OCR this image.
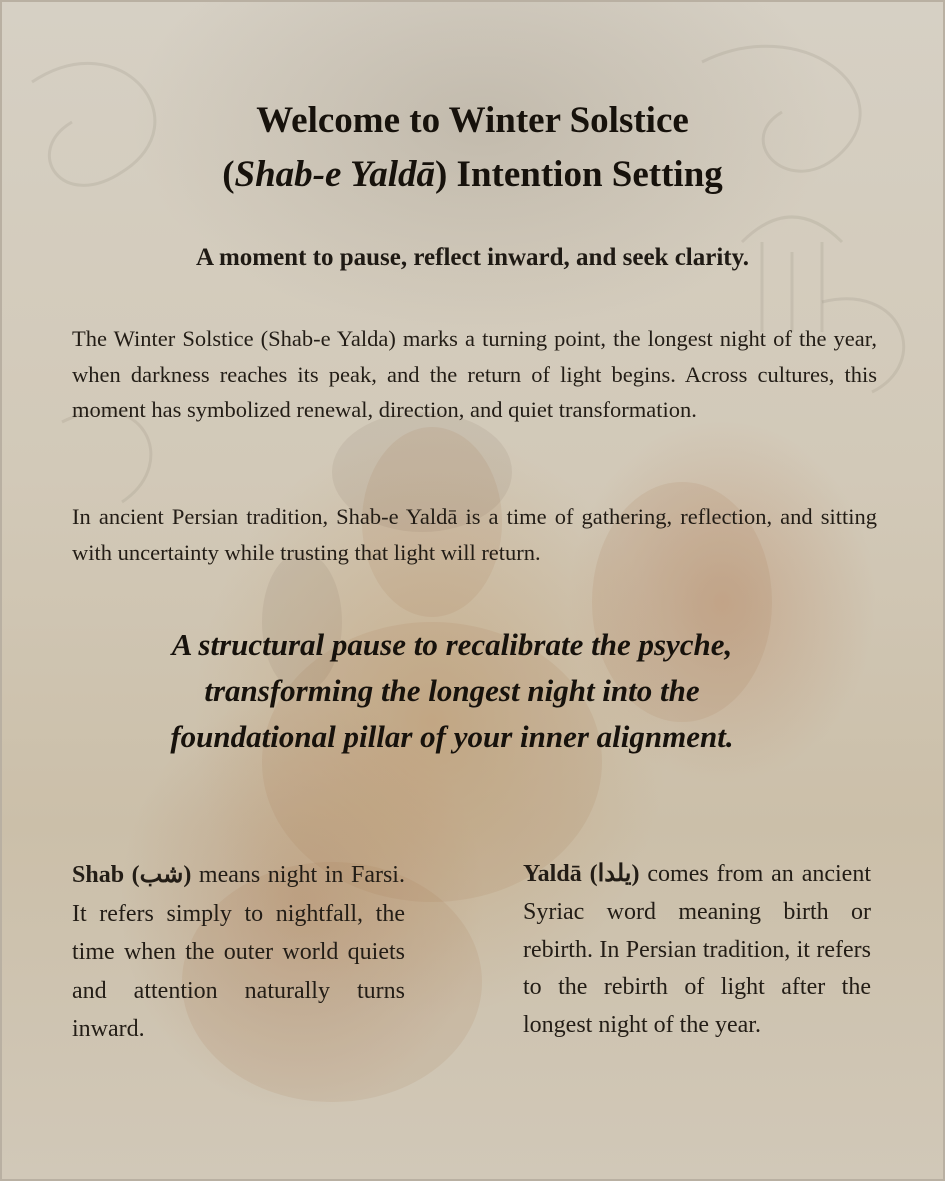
Welcome to Winter Solstice
(Shab-e Yaldā) Intention Setting

A moment to pause, reflect inward, and seek clarity.

The Winter Solstice (Shab-e Yalda) marks a turning point, the longest night of the year, when darkness reaches its peak, and the return of light begins. Across cultures, this moment has symbolized renewal, direction, and quiet transformation.

In ancient Persian tradition, Shab-e Yaldā is a time of gathering, reflection, and sitting with uncertainty while trusting that light will return.

A structural pause to recalibrate the psyche,
transforming the longest night into the
foundational pillar of your inner alignment.

Shab (شب) means night in Farsi. It refers simply to nightfall, the time when the outer world quiets and attention naturally turns inward.

Yaldā (یلدا) comes from an ancient Syriac word meaning birth or rebirth. In Persian tradition, it refers to the rebirth of light after the longest night of the year.
